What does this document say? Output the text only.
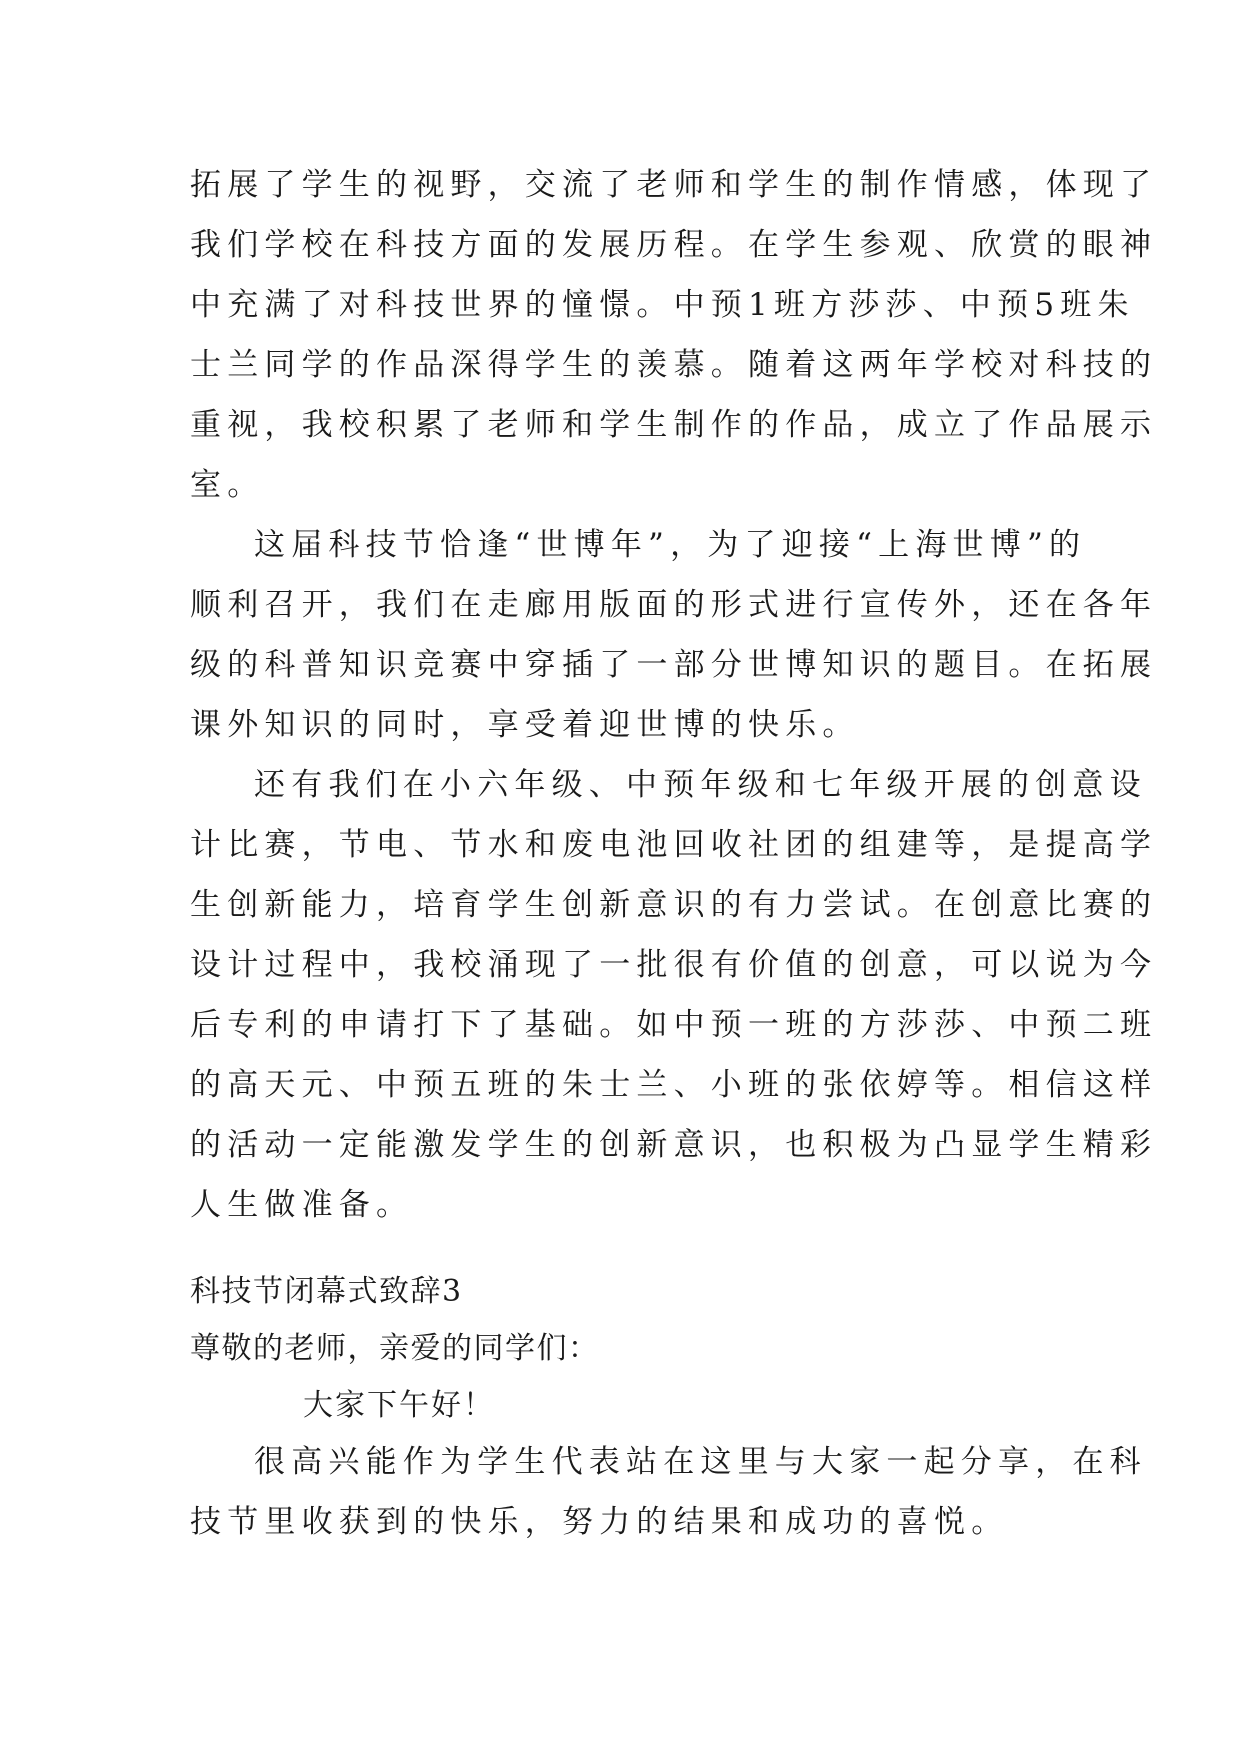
拓展了学生的视野，交流了老师和学生的制作情感，体现了
我们学校在科技方面的发展历程。在学生参观、欣赏的眼神
中充满了对科技世界的憧憬。中预1班方莎莎、中预5班朱
士兰同学的作品深得学生的羡慕。随着这两年学校对科技的
重视，我校积累了老师和学生制作的作品，成立了作品展示
室。
这届科技节恰逢“世博年”，为了迎接“上海世博”的
顺利召开，我们在走廊用版面的形式进行宣传外，还在各年
级的科普知识竞赛中穿插了一部分世博知识的题目。在拓展
课外知识的同时，享受着迎世博的快乐。
还有我们在小六年级、中预年级和七年级开展的创意设
计比赛，节电、节水和废电池回收社团的组建等，是提高学
生创新能力，培育学生创新意识的有力尝试。在创意比赛的
设计过程中，我校涌现了一批很有价值的创意，可以说为今
后专利的申请打下了基础。如中预一班的方莎莎、中预二班
的高天元、中预五班的朱士兰、小班的张依婷等。相信这样
的活动一定能激发学生的创新意识，也积极为凸显学生精彩
人生做准备。
科技节闭幕式致辞3
尊敬的老师，亲爱的同学们：
大家下午好！
很高兴能作为学生代表站在这里与大家一起分享，在科
技节里收获到的快乐，努力的结果和成功的喜悦。
